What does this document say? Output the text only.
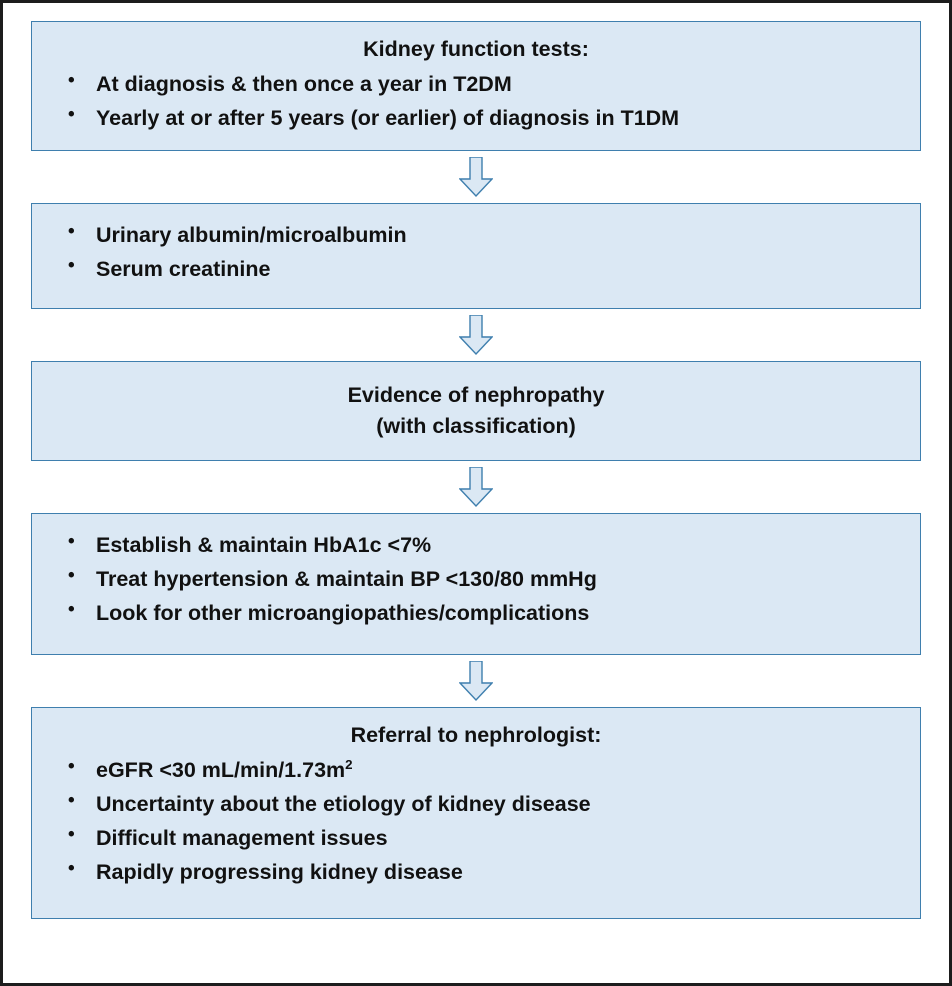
Kidney function tests:
• At diagnosis & then once a year in T2DM
• Yearly at or after 5 years (or earlier) of diagnosis in T1DM
• Urinary albumin/microalbumin
• Serum creatinine
Evidence of nephropathy
(with classification)
• Establish & maintain HbA1c <7%
• Treat hypertension & maintain BP <130/80 mmHg
• Look for other microangiopathies/complications
Referral to nephrologist:
• eGFR <30 $mL/\min/1.73m^2$
• Uncertainty about the etiology of kidney disease
• Difficult management issues
• Rapidly progressing kidney disease
